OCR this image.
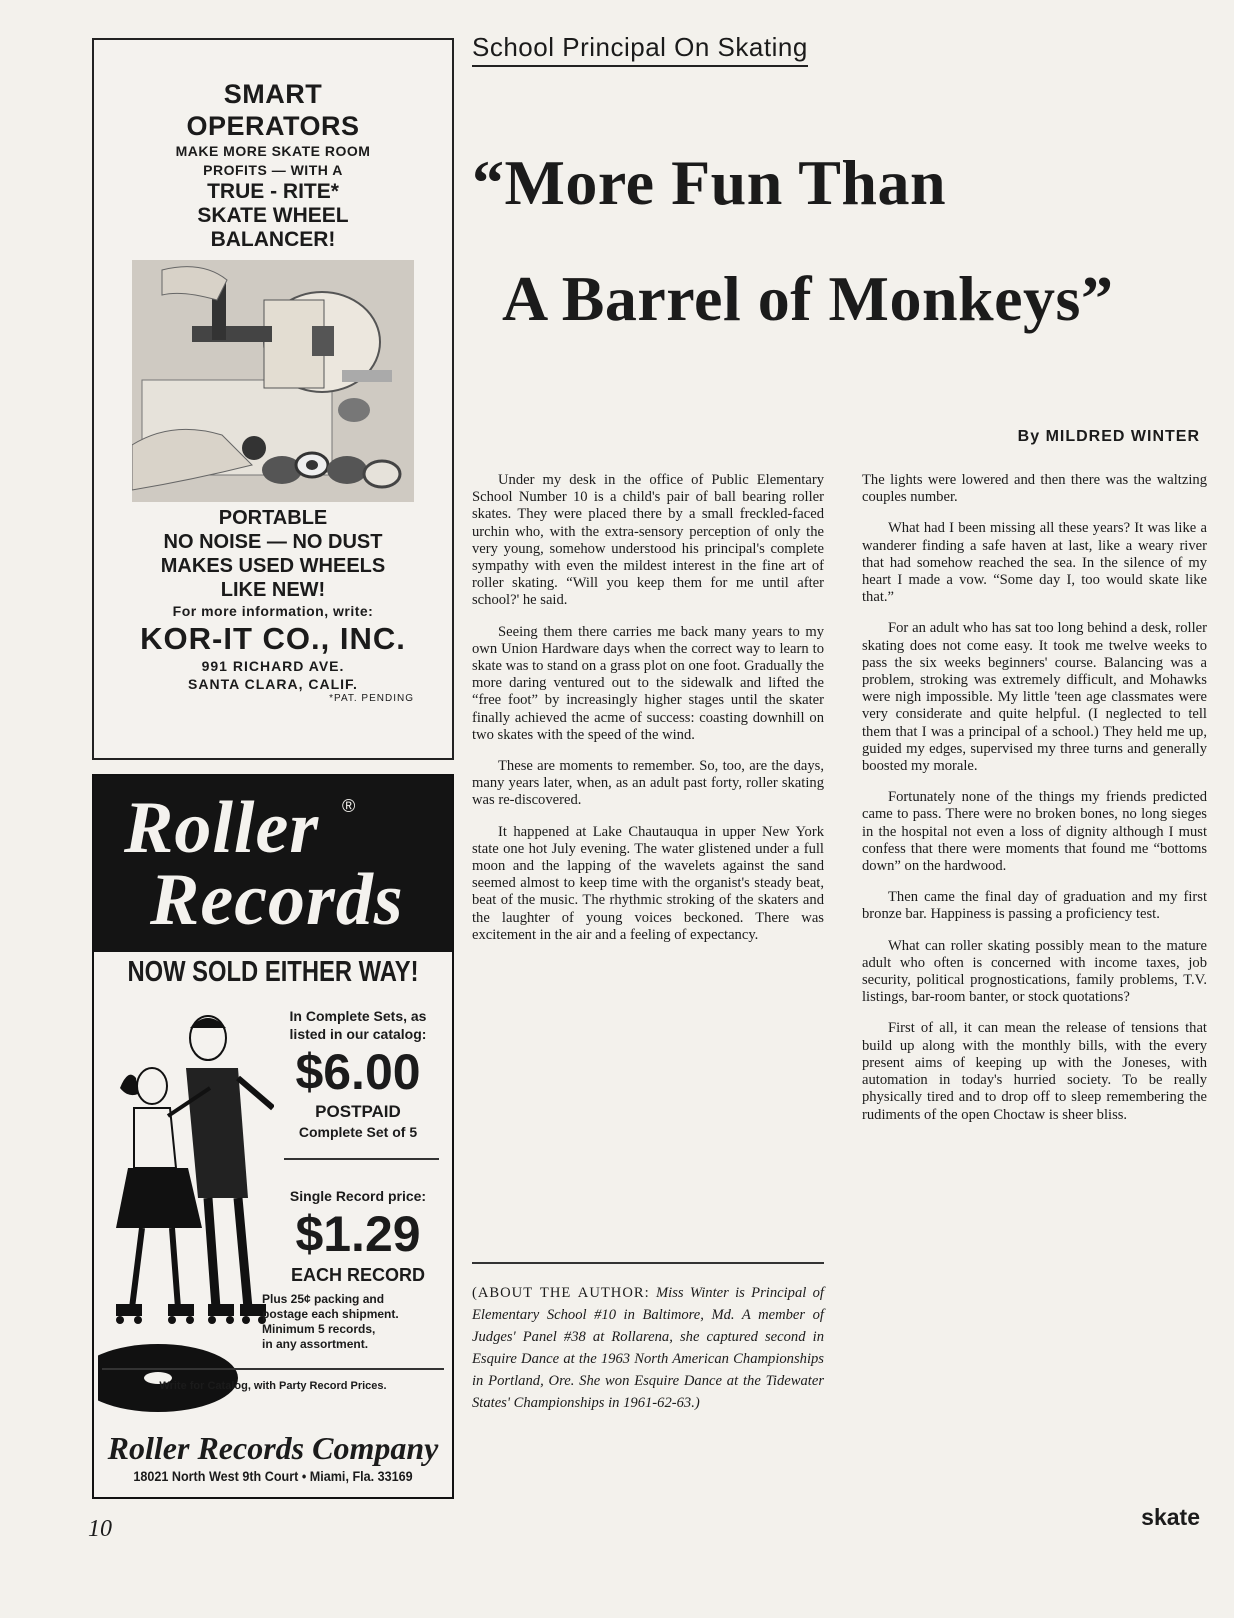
SMART
OPERATORS
MAKE MORE SKATE ROOM
PROFITS — WITH A
TRUE - RITE*
SKATE WHEEL
BALANCER!
PORTABLE
NO NOISE — NO DUST
MAKES USED WHEELS
LIKE NEW!
For more information, write:
KOR-IT CO., INC.
991 RICHARD AVE.
SANTA CLARA, CALIF.
*PAT. PENDING
Roller ®
Records
NOW SOLD EITHER WAY!
In Complete Sets, as
listed in our catalog:
$6.00
POSTPAID
Complete Set of 5
Single Record price:
$1.29
EACH RECORD
Plus 25¢ packing and
postage each shipment.
Minimum 5 records,
in any assortment.
Write for Catalog, with Party Record Prices.
Roller Records Company
18021 North West 9th Court • Miami, Fla. 33169
School Principal On Skating
“More Fun Than
A Barrel of Monkeys”
By MILDRED WINTER

Under my desk in the office of Public Elementary School Number 10 is a child's pair of ball bearing roller skates. They were placed there by a small freckled-faced urchin who, with the extra-sensory perception of only the very young, somehow understood his principal's complete sympathy with even the mildest interest in the fine art of roller skating. “Will you keep them for me until after school?' he said.

Seeing them there carries me back many years to my own Union Hardware days when the correct way to learn to skate was to stand on a grass plot on one foot. Gradually the more daring ventured out to the sidewalk and lifted the “free foot” by increasingly higher stages until the skater finally achieved the acme of success: coasting downhill on two skates with the speed of the wind.

These are moments to remember. So, too, are the days, many years later, when, as an adult past forty, roller skating was re-discovered.

It happened at Lake Chautauqua in upper New York state one hot July evening. The water glistened under a full moon and the lapping of the wavelets against the sand seemed almost to keep time with the organist's steady beat, beat of the music. The rhythmic stroking of the skaters and the laughter of young voices beckoned. There was excitement in the air and a feeling of expectancy.

(ABOUT THE AUTHOR: Miss Winter is Principal of Elementary School #10 in Baltimore, Md. A member of Judges' Panel #38 at Rollarena, she captured second in Esquire Dance at the 1963 North American Championships in Portland, Ore. She won Esquire Dance at the Tidewater States' Championships in 1961-62-63.)

The lights were lowered and then there was the waltzing couples number.

What had I been missing all these years? It was like a wanderer finding a safe haven at last, like a weary river that had somehow reached the sea. In the silence of my heart I made a vow. “Some day I, too would skate like that.”

For an adult who has sat too long behind a desk, roller skating does not come easy. It took me twelve weeks to pass the six weeks beginners' course. Balancing was a problem, stroking was extremely difficult, and Mohawks were nigh impossible. My little 'teen age classmates were very considerate and quite helpful. (I neglected to tell them that I was a principal of a school.) They held me up, guided my edges, supervised my three turns and generally boosted my morale.

Fortunately none of the things my friends predicted came to pass. There were no broken bones, no long sieges in the hospital not even a loss of dignity although I must confess that there were moments that found me “bottoms down” on the hardwood.

Then came the final day of graduation and my first bronze bar. Happiness is passing a proficiency test.

What can roller skating possibly mean to the mature adult who often is concerned with income taxes, job security, political prognostications, family problems, T.V. listings, bar-room banter, or stock quotations?

First of all, it can mean the release of tensions that build up along with the monthly bills, with the every present aims of keeping up with the Joneses, with automation in today's hurried society. To be really physically tired and to drop off to sleep remembering the rudiments of the open Choctaw is sheer bliss.

10	skate
